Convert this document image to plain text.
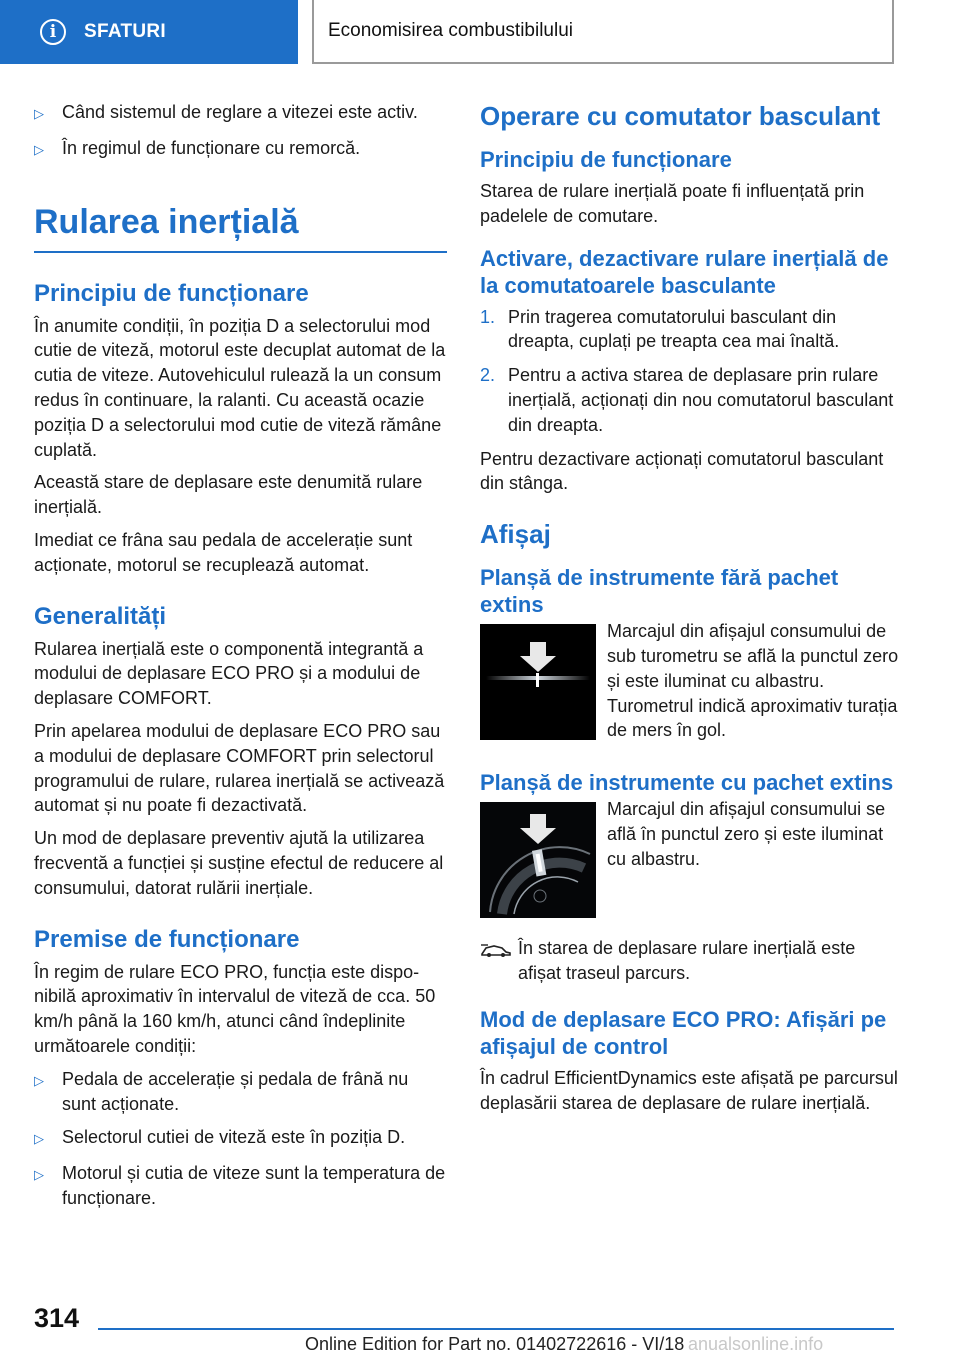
i	SFATURI	Economisirea combustibilului
▷	Când sistemul de reglare a vitezei este activ.
▷	În regimul de funcționare cu remorcă.
Rularea inerțială
Principiu de funcționare

În anumite condiții, în poziția D a selectorului mod cutie de viteză, motorul este decuplat automat de la cutia de viteze. Autovehiculul rulează la un consum redus în continuare, la ralanti. Cu această ocazie poziția D a selectorului mod cutie de viteză rămâne cuplată.

Această stare de deplasare este denumită rulare inerțială.

Imediat ce frâna sau pedala de accelerație sunt acționate, motorul se recuplează automat.

Generalități

Rularea inerțială este o componentă integrantă a modului de deplasare ECO PRO și a modului de deplasare COMFORT.

Prin apelarea modului de deplasare ECO PRO sau a modului de deplasare COMFORT prin selectorul programului de rulare, rularea inerțială se activează automat și nu poate fi dezactivată.

Un mod de deplasare preventiv ajută la utilizarea frecventă a funcției și susține efectul de reducere al consumului, datorat rulării inerțiale.

Premise de funcționare

În regim de rulare ECO PRO, funcția este disponibilă aproximativ în intervalul de viteză de cca. 50 km/h până la 160 km/h, atunci când îndeplinite următoarele condiții:

▷	Pedala de accelerație și pedala de frână nu sunt acționate.
▷	Selectorul cutiei de viteză este în poziția D.
▷	Motorul și cutia de viteze sunt la temperatura de funcționare.
Operare cu comutator basculant
Principiu de funcționare

Starea de rulare inerțială poate fi influențată prin padelele de comutare.

Activare, dezactivare rulare inerțială de la comutatoarele basculante
1. Prin tragerea comutatorului basculant din dreapta, cuplați pe treapta cea mai înaltă.
2. Pentru a activa starea de deplasare prin rulare inerțială, acționați din nou comutatorul basculant din dreapta.

Pentru dezactivare acționați comutatorul basculant din stânga.

Afișaj
Planșă de instrumente fără pachet extins

Marcajul din afișajul consumului de sub turometru se află la punctul zero și este iluminat cu albastru. Turometrul indică aproximativ turația de mers în gol.

Planșă de instrumente cu pachet extins

Marcajul din afișajul consumului se află în punctul zero și este iluminat cu albastru.

În starea de deplasare rulare inerțială este afișat traseul parcurs.
Mod de deplasare ECO PRO: Afișări pe afișajul de control

În cadrul EfficientDynamics este afișată pe parcursul deplasării starea de deplasare de rulare inerțială.

314
Online Edition for Part no. 01402722616 - VI/18 anualsonline.info
